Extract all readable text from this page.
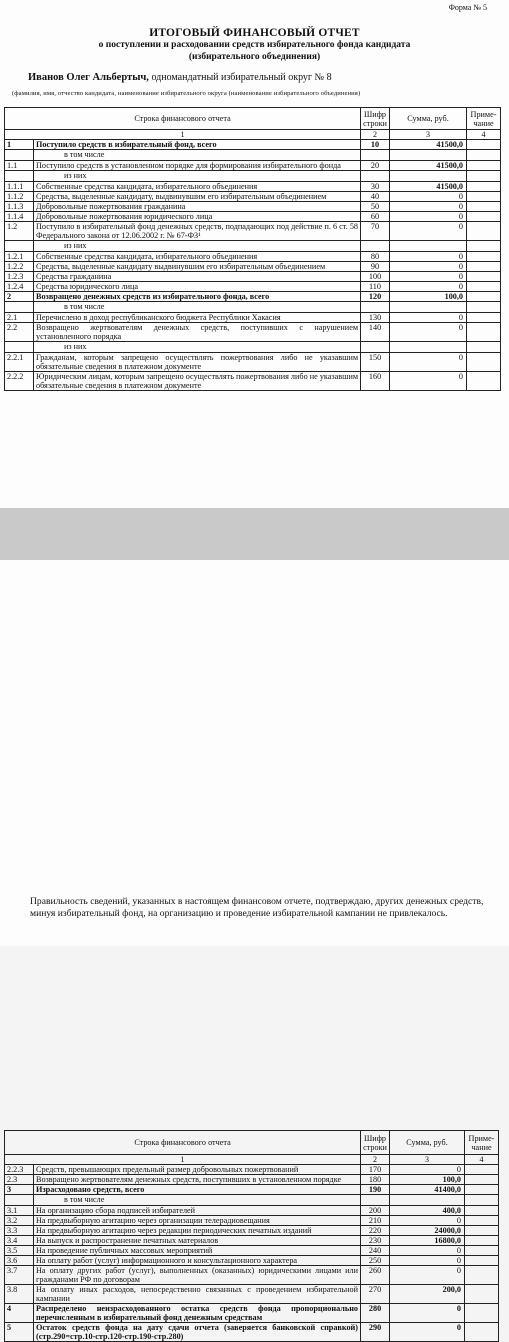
Форма № 5
ИТОГОВЫЙ ФИНАНСОВЫЙ ОТЧЕТ
о поступлении и расходовании средств избирательного фонда кандидата
(избирательного объединения)
Иванов Олег Альбертыч, одномандатный избирательный округ № 8
(фамилия, имя, отчество кандидата, наименование избирательного округа (наименование избирательного объединения)
Строка финансового отчета		Шифр строки	Сумма, руб.	Приме-чание
1		2	3	4
1	Поступило средств в избирательный фонд, всего	10	41500,0	
	в том числе			
1.1	Поступило средств в установленном порядке для формирования избирательного фонда	20	41500,0	
	из них			
1.1.1	Собственные средства кандидата, избирательного объединения	30	41500,0	
1.1.2	Средства, выделенные кандидату, выдвинувшим его избирательным объединением	40	0	
1.1.3	Добровольные пожертвования гражданина	50	0	
1.1.4	Добровольные пожертвования юридического лица	60	0	
1.2	Поступило в избирательный фонд денежных средств, подпадающих под действие п. 6 ст. 58 Федерального закона от 12.06.2002 г. № 67-ФЗ¹	70	0	
	из них			
1.2.1	Собственные средства кандидата, избирательного объединения	80	0	
1.2.2	Средства, выделенные кандидату выдвинувшим его избирательным объединением	90	0	
1.2.3	Средства гражданина	100	0	
1.2.4	Средства юридического лица	110	0	
2	Возвращено денежных средств из избирательного фонда, всего	120	100,0	
	в том числе			
2.1	Перечислено в доход республиканского бюджета Республики Хакасия	130	0	
2.2	Возвращено жертвователям денежных средств, поступивших с нарушением установленного порядка	140	0	
	из них			
2.2.1	Гражданам, которым запрещено осуществлять пожертвования либо не указавшим обязательные сведения в платежном документе	150	0	
2.2.2	Юридическим лицам, которым запрещено осуществлять пожертвования либо не указавшим обязательные сведения в платежном документе	160	0	
Строка финансового отчета		Шифр строки	Сумма, руб.	Приме-чание
1		2	3	4
2.2.3	Средств, превышающих предельный размер добровольных пожертвований	170	0	
2.3	Возвращено жертвователям денежных средств, поступивших в установленном порядке	180	100,0	
3	Израсходовано средств, всего	190	41400,0	
	в том числе			
3.1	На организацию сбора подписей избирателей	200	400,0	
3.2	На предвыборную агитацию через организации телерадиовещания	210	0	
3.3	На предвыборную агитацию через редакции периодических печатных изданий	220	24000,0	
3.4	На выпуск и распространение печатных материалов	230	16800,0	
3.5	На проведение публичных массовых мероприятий	240	0	
3.6	На оплату работ (услуг) информационного и консультационного характера	250	0	
3.7	На оплату других работ (услуг), выполненных (оказанных) юридическими лицами или гражданами РФ по договорам	260	0	
3.8	На оплату иных расходов, непосредственно связанных с проведением избирательной кампании	270	200,0	
4	Распределено неизрасходованного остатка средств фонда пропорционально перечисленным в избирательный фонд денежным средствам	280	0	
5	Остаток средств фонда на дату сдачи отчета (заверяется банковской справкой) (стр.290=стр.10-стр.120-стр.190-стр.280)	290	0	
Правильность сведений, указанных в настоящем финансовом отчете, подтверждаю, других денежных средств, минуя избирательный фонд, на организацию и проведение избирательной кампании не привлекалось.
